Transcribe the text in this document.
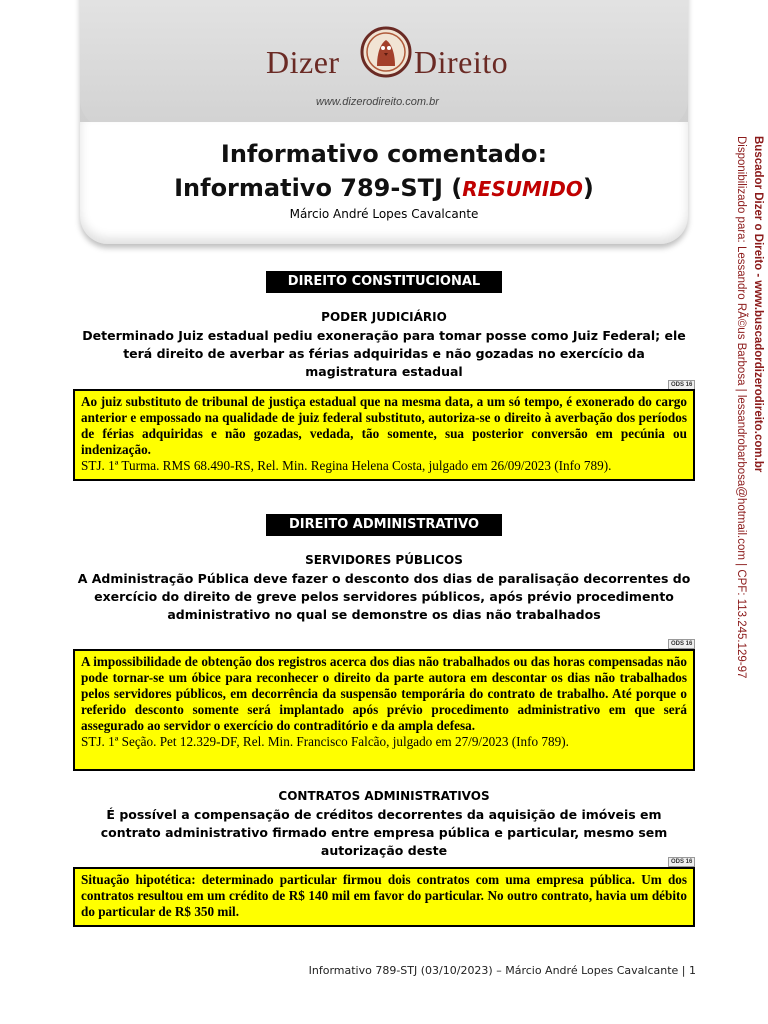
Dizer Direito
www.dizerodireito.com.br
Informativo comentado:
Informativo 789-STJ (RESUMIDO)
Márcio André Lopes Cavalcante
DIREITO CONSTITUCIONAL
PODER JUDICIÁRIO
Determinado Juiz estadual pediu exoneração para tomar posse como Juiz Federal; ele terá direito de averbar as férias adquiridas e não gozadas no exercício da magistratura estadual
ODS 16
Ao juiz substituto de tribunal de justiça estadual que na mesma data, a um só tempo, é exonerado do cargo anterior e empossado na qualidade de juiz federal substituto, autoriza-se o direito à averbação dos períodos de férias adquiridas e não gozadas, vedada, tão somente, sua posterior conversão em pecúnia ou indenização.
STJ. 1ª Turma. RMS 68.490-RS, Rel. Min. Regina Helena Costa, julgado em 26/09/2023 (Info 789).
DIREITO ADMINISTRATIVO
SERVIDORES PÚBLICOS
A Administração Pública deve fazer o desconto dos dias de paralisação decorrentes do exercício do direito de greve pelos servidores públicos, após prévio procedimento administrativo no qual se demonstre os dias não trabalhados
ODS 16
A impossibilidade de obtenção dos registros acerca dos dias não trabalhados ou das horas compensadas não pode tornar-se um óbice para reconhecer o direito da parte autora em descontar os dias não trabalhados pelos servidores públicos, em decorrência da suspensão temporária do contrato de trabalho. Até porque o referido desconto somente será implantado após prévio procedimento administrativo em que será assegurado ao servidor o exercício do contraditório e da ampla defesa.
STJ. 1ª Seção. Pet 12.329-DF, Rel. Min. Francisco Falcão, julgado em 27/9/2023 (Info 789).
CONTRATOS ADMINISTRATIVOS
É possível a compensação de créditos decorrentes da aquisição de imóveis em contrato administrativo firmado entre empresa pública e particular, mesmo sem autorização deste
ODS 16
Situação hipotética: determinado particular firmou dois contratos com uma empresa pública. Um dos contratos resultou em um crédito de R$ 140 mil em favor do particular. No outro contrato, havia um débito do particular de R$ 350 mil.
Buscador Dizer o Direito - www.buscadordizerodireito.com.br
Disponibilizado para: Lessandro RÃ©us Barbosa | lessandrobarbosa@hotmail.com | CPF: 113.245.129-97
Informativo 789-STJ (03/10/2023) – Márcio André Lopes Cavalcante | 1
